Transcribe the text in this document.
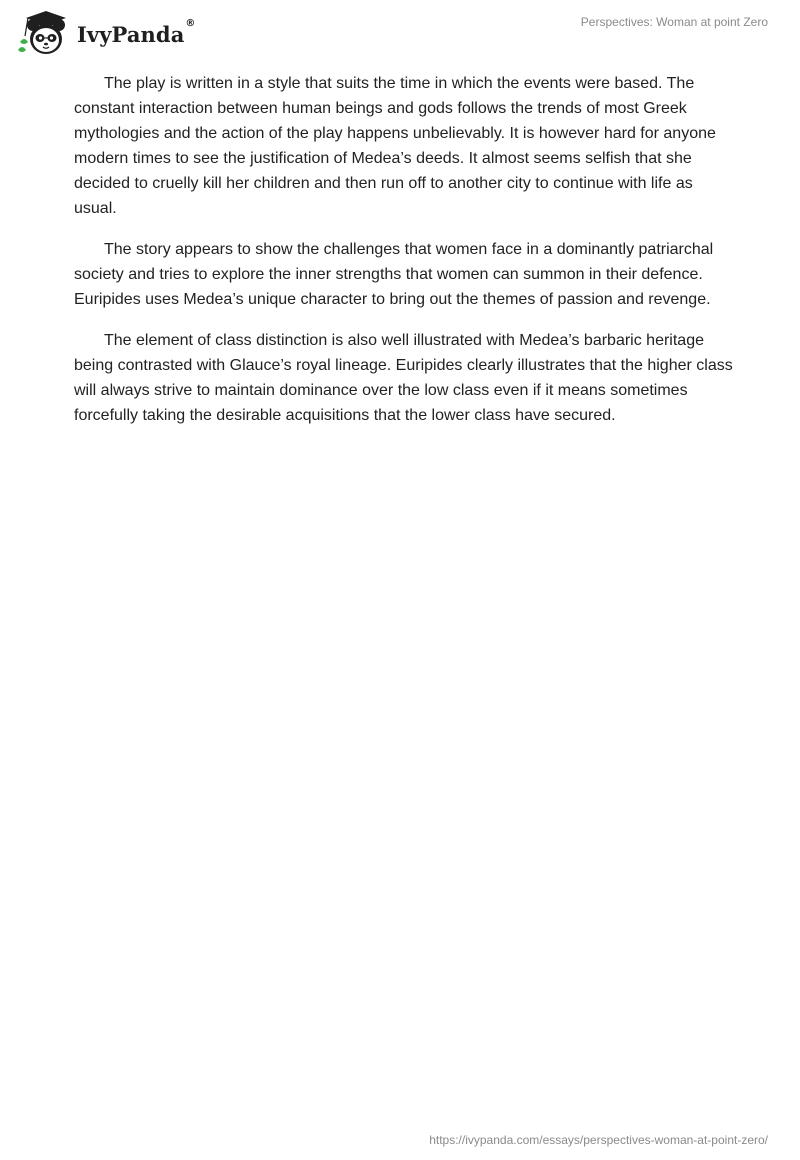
IvyPanda ®	Perspectives: Woman at point Zero

The play is written in a style that suits the time in which the events were based. The constant interaction between human beings and gods follows the trends of most Greek mythologies and the action of the play happens unbelievably. It is however hard for anyone modern times to see the justification of Medea’s deeds. It almost seems selfish that she decided to cruelly kill her children and then run off to another city to continue with life as usual.

The story appears to show the challenges that women face in a dominantly patriarchal society and tries to explore the inner strengths that women can summon in their defence. Euripides uses Medea’s unique character to bring out the themes of passion and revenge.

The element of class distinction is also well illustrated with Medea’s barbaric heritage being contrasted with Glauce’s royal lineage. Euripides clearly illustrates that the higher class will always strive to maintain dominance over the low class even if it means sometimes forcefully taking the desirable acquisitions that the lower class have secured.

https://ivypanda.com/essays/perspectives-woman-at-point-zero/
